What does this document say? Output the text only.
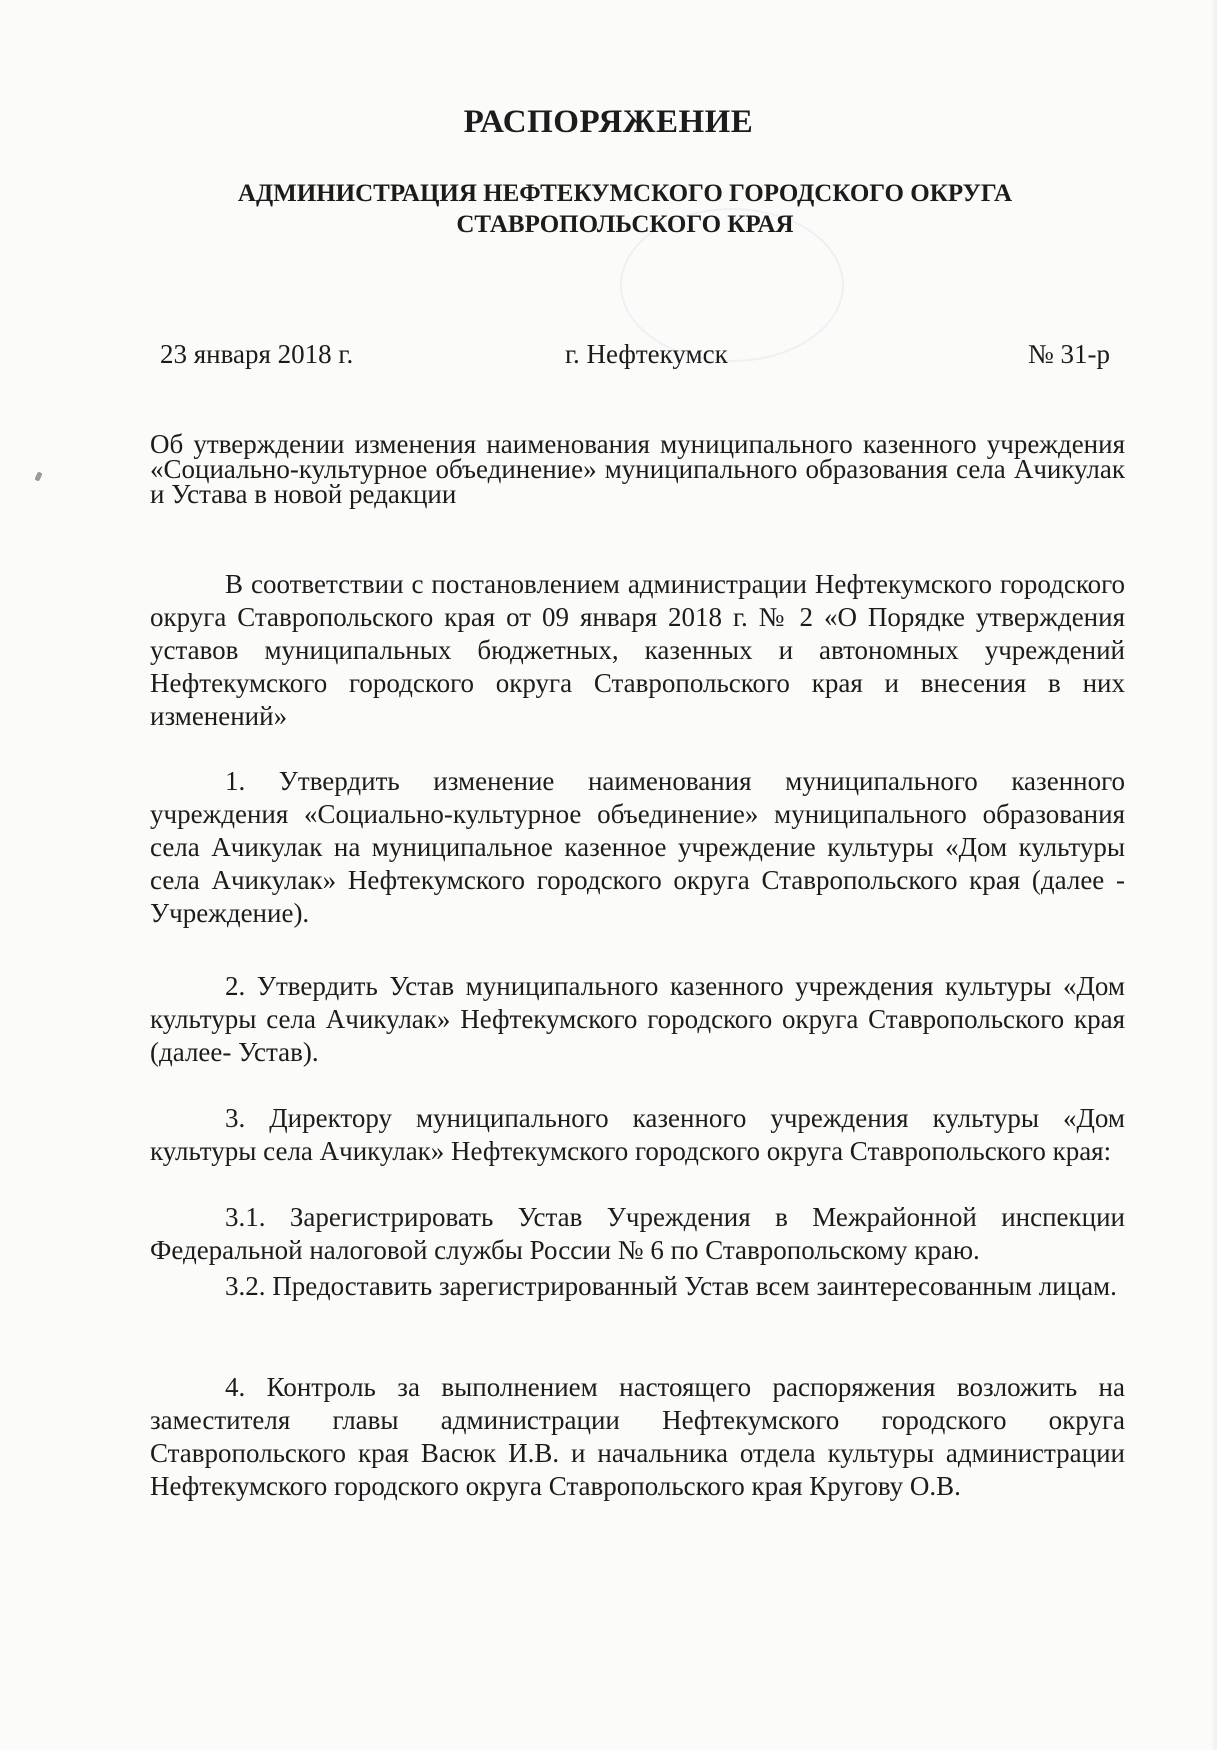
РАСПОРЯЖЕНИЕ
АДМИНИСТРАЦИЯ НЕФТЕКУМСКОГО ГОРОДСКОГО ОКРУГА СТАВРОПОЛЬСКОГО КРАЯ
23 января 2018 г.	г. Нефтекумск	№ 31-р

Об утверждении изменения наименования муниципального казенного учреждения «Социально-культурное объединение» муниципального образования села Ачикулак и Устава в новой редакции

В соответствии с постановлением администрации Нефтекумского городского округа Ставропольского края от 09 января 2018 г. № 2 «О Порядке утверждения уставов муниципальных бюджетных, казенных и автономных учреждений Нефтекумского городского округа Ставропольского края и внесения в них изменений»

1. Утвердить изменение наименования муниципального казенного учреждения «Социально-культурное объединение» муниципального образования села Ачикулак на муниципальное казенное учреждение культуры «Дом культуры села Ачикулак» Нефтекумского городского округа Ставропольского края (далее - Учреждение).

2. Утвердить Устав муниципального казенного учреждения культуры «Дом культуры села Ачикулак» Нефтекумского городского округа Ставропольского края (далее- Устав).

3. Директору муниципального казенного учреждения культуры «Дом культуры села Ачикулак» Нефтекумского городского округа Ставропольского края:

3.1. Зарегистрировать Устав Учреждения в Межрайонной инспекции Федеральной налоговой службы России № 6 по Ставропольскому краю.

3.2. Предоставить зарегистрированный Устав всем заинтересованным лицам.

4. Контроль за выполнением настоящего распоряжения возложить на заместителя главы администрации Нефтекумского городского округа Ставропольского края Васюк И.В. и начальника отдела культуры администрации Нефтекумского городского округа Ставропольского края Кругову О.В.
